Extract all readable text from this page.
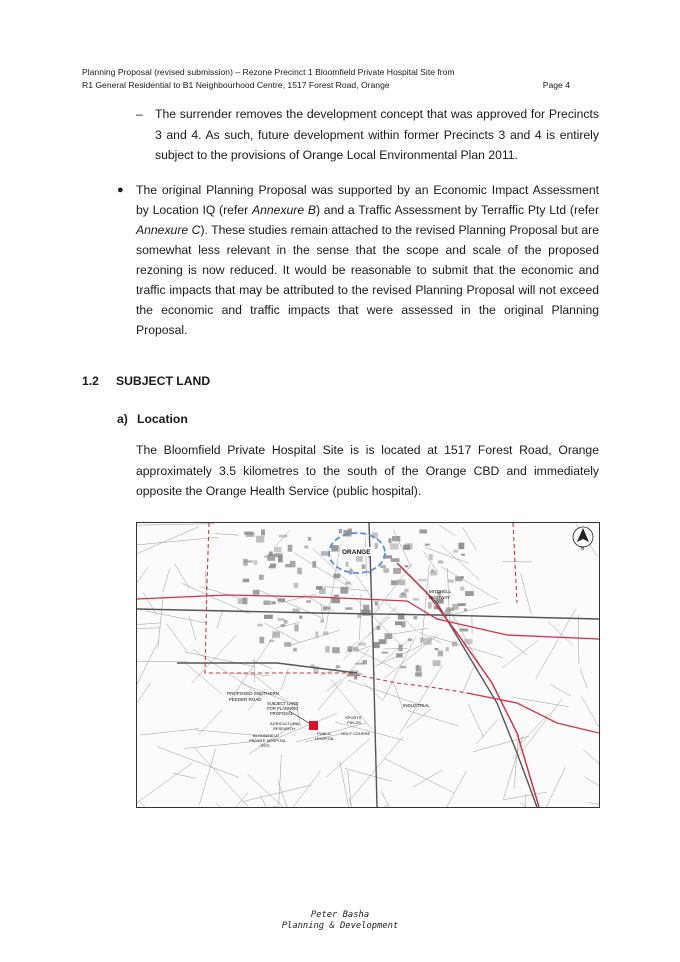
Planning Proposal (revised submission) – Rezone Precinct 1 Bloomfield Private Hospital Site from
R1 General Residential to B1 Neighbourhood Centre, 1517 Forest Road, Orange	Page 4
– The surrender removes the development concept that was approved for Precincts 3 and 4. As such, future development within former Precincts 3 and 4 is entirely subject to the provisions of Orange Local Environmental Plan 2011.
● The original Planning Proposal was supported by an Economic Impact Assessment by Location IQ (refer Annexure B) and a Traffic Assessment by Terraffic Pty Ltd (refer Annexure C). These studies remain attached to the revised Planning Proposal but are somewhat less relevant in the sense that the scope and scale of the proposed rezoning is now reduced. It would be reasonable to submit that the economic and traffic impacts that may be attributed to the revised Planning Proposal will not exceed the economic and traffic impacts that were assessed in the original Planning Proposal.
1.2 SUBJECT LAND
a) Location
The Bloomfield Private Hospital Site is is located at 1517 Forest Road, Orange approximately 3.5 kilometres to the south of the Orange CBD and immediately opposite the Orange Health Service (public hospital).
ORANGE
MITCHELL
HIGHWAY
PROPOSED SOUTHERN
FEEDER ROAD
SPORTS
FIELDS
GOLF COURSE
INDUSTRIAL
SUBJECT LAND
FOR PLANNING
PROPOSAL
AGRICULTURAL
RESEARCH
PUBLIC
HOSPITAL
BLOOMFIELD
PRIVATE HOSPITAL
SITE
N
Peter Basha
Planning & Development
